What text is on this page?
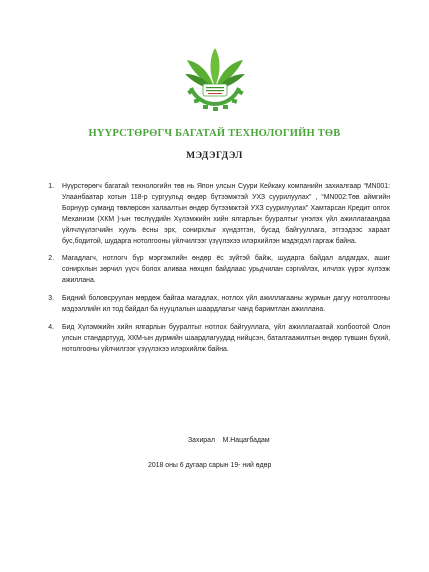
НҮҮРСТӨРӨГЧ БАГАТАЙ ТЕХНОЛОГИЙН ТӨВ
МЭДЭГДЭЛ
1. Нүүрстөрөгч багатай технологийн төв нь Япон улсын Суури Кейкаку компанийн захиалгаар “MN001: Улаанбаатар хотын 118-р сургуульд өндөр бүтээмжтэй УХЗ суурилуулах” , “MN002:Төв аймгийн Борнуур сумаңд төвлөрсөн халаалтын өндөр бүтээмжтэй УХЗ суурилуулах” Хамтарсан Кредит олгох Механизм (ХКМ )-ын төслүүдийн Хүлэмжийн хийн ялгарлын бууралтыг үнэлэх үйл ажиллагаандаа үйлчлүүлэгчийн хууль ёсны эрх, сонирхлыг хүндэтгэн, бусад байгууллага, этгээдээс хараат бус,бодитой, шударга нотолгооны үйлчилгээг үзүүлэхээ илэрхийлэн мэдэгдэл гаргаж байна.
2. Магадлагч, нотлогч бүр мэргэжлийн өндөр ёс зүйтэй байж, шударга байдал алдагдах, ашиг сонирхлын зөрчил үүсч болох аливаа нөхцөл байдлаас урьдчилан сэргийлэх, илчлэх үүрэг хүлээж ажиллана.
3. Бидний боловсруулан мөрдөж байгаа магадлах, нотлох үйл ажиллагааны журмын дагуу нотолгооны мэдээллийн ил тод байдал ба нууцлалын шаардлагыг чанд баримтлан ажиллана.
4. Бид Хүлэмжийн хийн ялгарлын бууралтыг нотлох байгууллага, үйл ажиллагаатай холбоотой Олон улсын стандартууд, ХКМ-ын дүрмийн шаардлагуудад нийцсэн, баталгаажилтын өндөр түвшин бүхий, нотолгооны үйлчилгээг үзүүлэхээ илэрхийлж байна.
Захирал    М.Нацагбадам
2018 оны 6 дугаар сарын 19- ний өдөр
